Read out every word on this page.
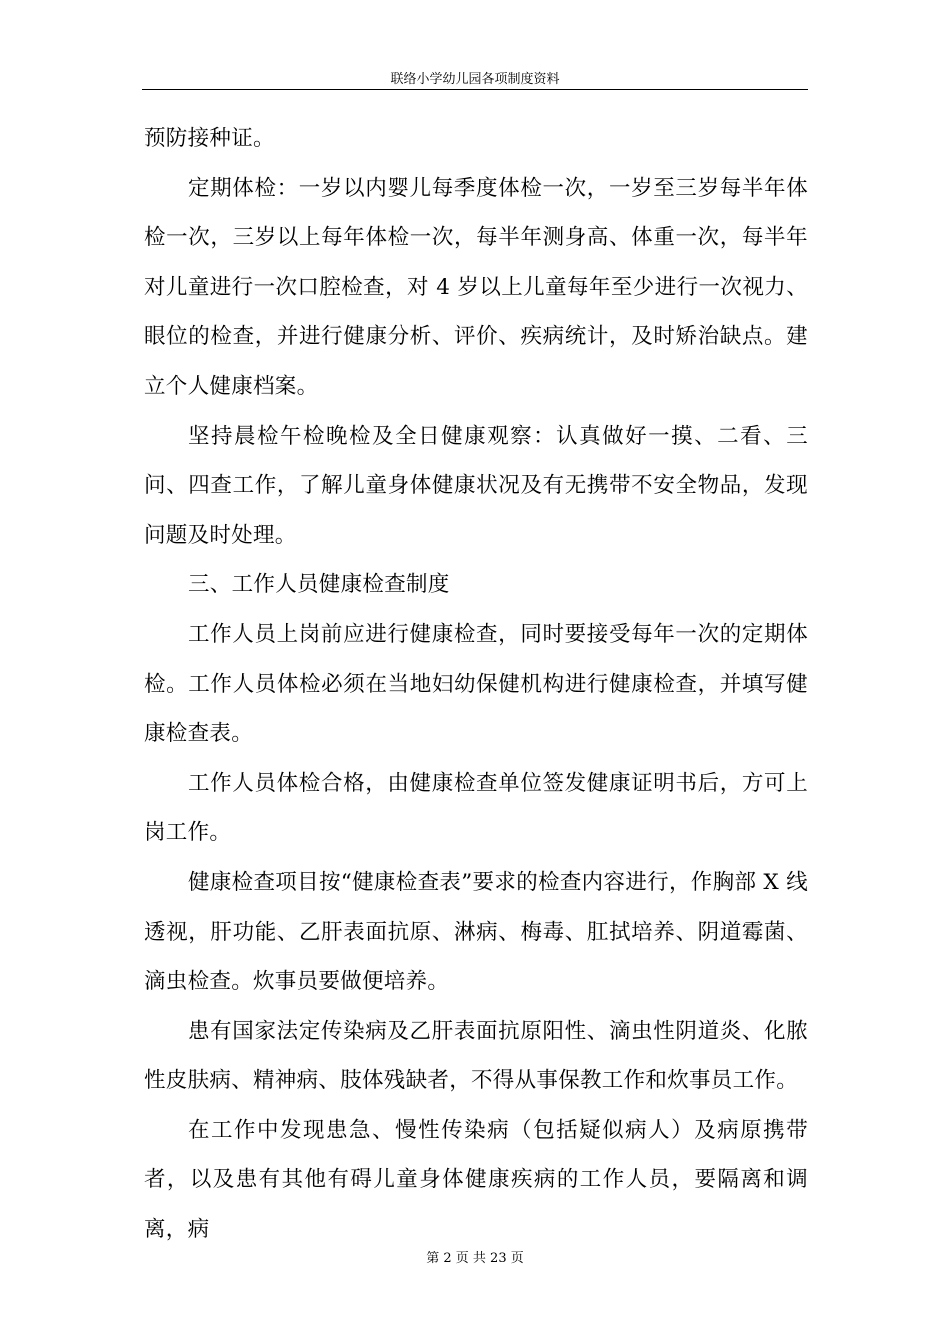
联络小学幼儿园各项制度资料

预防接种证。

定期体检：一岁以内婴儿每季度体检一次，一岁至三岁每半年体检一次，三岁以上每年体检一次，每半年测身高、体重一次，每半年对儿童进行一次口腔检查，对 4 岁以上儿童每年至少进行一次视力、眼位的检查，并进行健康分析、评价、疾病统计，及时矫治缺点。建立个人健康档案。

坚持晨检午检晚检及全日健康观察：认真做好一摸、二看、三问、四查工作，了解儿童身体健康状况及有无携带不安全物品，发现问题及时处理。

三、工作人员健康检查制度

工作人员上岗前应进行健康检查，同时要接受每年一次的定期体检。工作人员体检必须在当地妇幼保健机构进行健康检查，并填写健康检查表。

工作人员体检合格，由健康检查单位签发健康证明书后，方可上岗工作。

健康检查项目按“健康检查表”要求的检查内容进行，作胸部 X 线透视，肝功能、乙肝表面抗原、淋病、梅毒、肛拭培养、阴道霉菌、滴虫检查。炊事员要做便培养。

患有国家法定传染病及乙肝表面抗原阳性、滴虫性阴道炎、化脓性皮肤病、精神病、肢体残缺者，不得从事保教工作和炊事员工作。

在工作中发现患急、慢性传染病（包括疑似病人）及病原携带者，以及患有其他有碍儿童身体健康疾病的工作人员，要隔离和调离，病

第 2 页 共 23 页
